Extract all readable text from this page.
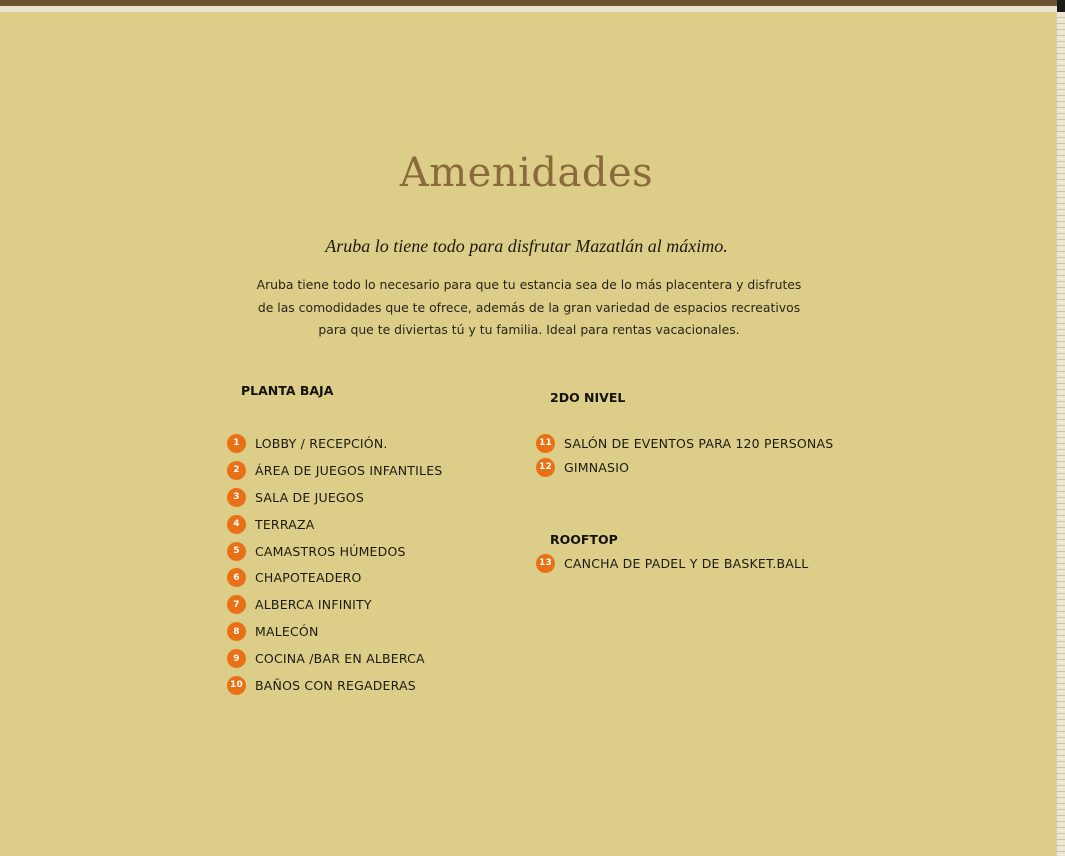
Amenidades
Aruba lo tiene todo para disfrutar Mazatlán al máximo.
Aruba tiene todo lo necesario para que tu estancia sea de lo más placentera y disfrutes
de las comodidades que te ofrece, además de la gran variedad de espacios recreativos
para que te diviertas tú y tu familia. Ideal para rentas vacacionales.
PLANTA BAJA
1	LOBBY / RECEPCIÓN.
2	ÁREA DE JUEGOS INFANTILES
3	SALA DE JUEGOS
4	TERRAZA
5	CAMASTROS HÚMEDOS
6	CHAPOTEADERO
7	ALBERCA INFINITY
8	MALECÓN
9	COCINA /BAR EN ALBERCA
10 BAÑOS CON REGADERAS
2DO NIVEL
11 SALÓN DE EVENTOS PARA 120 PERSONAS
12 GIMNASIO
ROOFTOP
13 CANCHA DE PADEL Y DE BASKET.BALL
